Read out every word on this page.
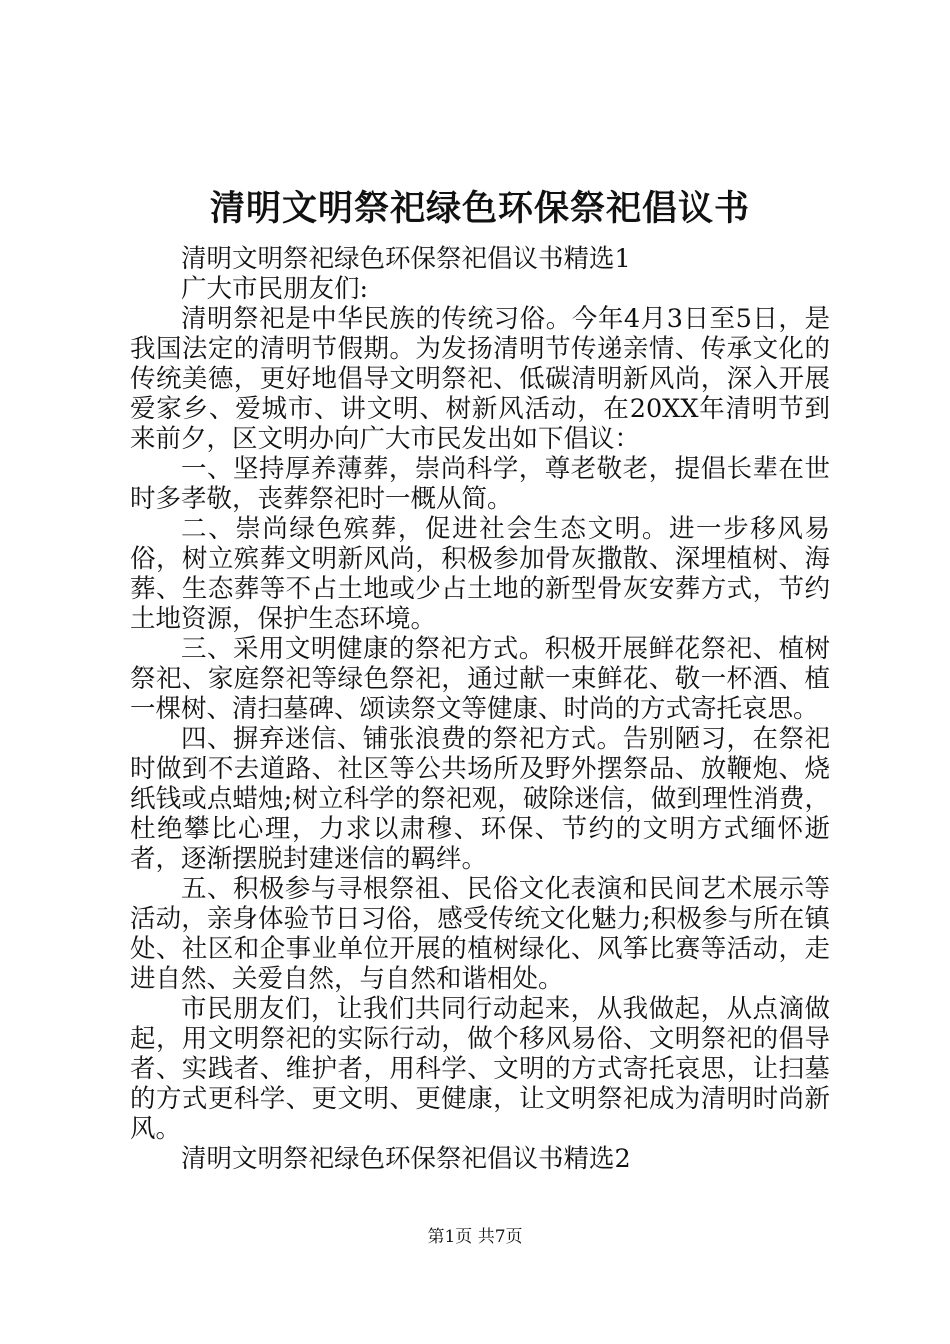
清明文明祭祀绿色环保祭祀倡议书

清明文明祭祀绿色环保祭祀倡议书精选1

广大市民朋友们:

清明祭祀是中华民族的传统习俗。今年4月3日至5日，是我国法定的清明节假期。为发扬清明节传递亲情、传承文化的传统美德，更好地倡导文明祭祀、低碳清明新风尚，深入开展爱家乡、爱城市、讲文明、树新风活动，在20XX年清明节到来前夕，区文明办向广大市民发出如下倡议：

一、坚持厚养薄葬，崇尚科学，尊老敬老，提倡长辈在世时多孝敬，丧葬祭祀时一概从简。

二、崇尚绿色殡葬，促进社会生态文明。进一步移风易俗，树立殡葬文明新风尚，积极参加骨灰撒散、深埋植树、海葬、生态葬等不占土地或少占土地的新型骨灰安葬方式，节约土地资源，保护生态环境。

三、采用文明健康的祭祀方式。积极开展鲜花祭祀、植树祭祀、家庭祭祀等绿色祭祀，通过献一束鲜花、敬一杯酒、植一棵树、清扫墓碑、颂读祭文等健康、时尚的方式寄托哀思。

四、摒弃迷信、铺张浪费的祭祀方式。告别陋习，在祭祀时做到不去道路、社区等公共场所及野外摆祭品、放鞭炮、烧纸钱或点蜡烛;树立科学的祭祀观，破除迷信，做到理性消费，杜绝攀比心理，力求以肃穆、环保、节约的文明方式缅怀逝者，逐渐摆脱封建迷信的羁绊。

五、积极参与寻根祭祖、民俗文化表演和民间艺术展示等活动，亲身体验节日习俗，感受传统文化魅力;积极参与所在镇处、社区和企事业单位开展的植树绿化、风筝比赛等活动，走进自然、关爱自然，与自然和谐相处。

市民朋友们，让我们共同行动起来，从我做起，从点滴做起，用文明祭祀的实际行动，做个移风易俗、文明祭祀的倡导者、实践者、维护者，用科学、文明的方式寄托哀思，让扫墓的方式更科学、更文明、更健康，让文明祭祀成为清明时尚新风。

清明文明祭祀绿色环保祭祀倡议书精选2

第1页 共7页
